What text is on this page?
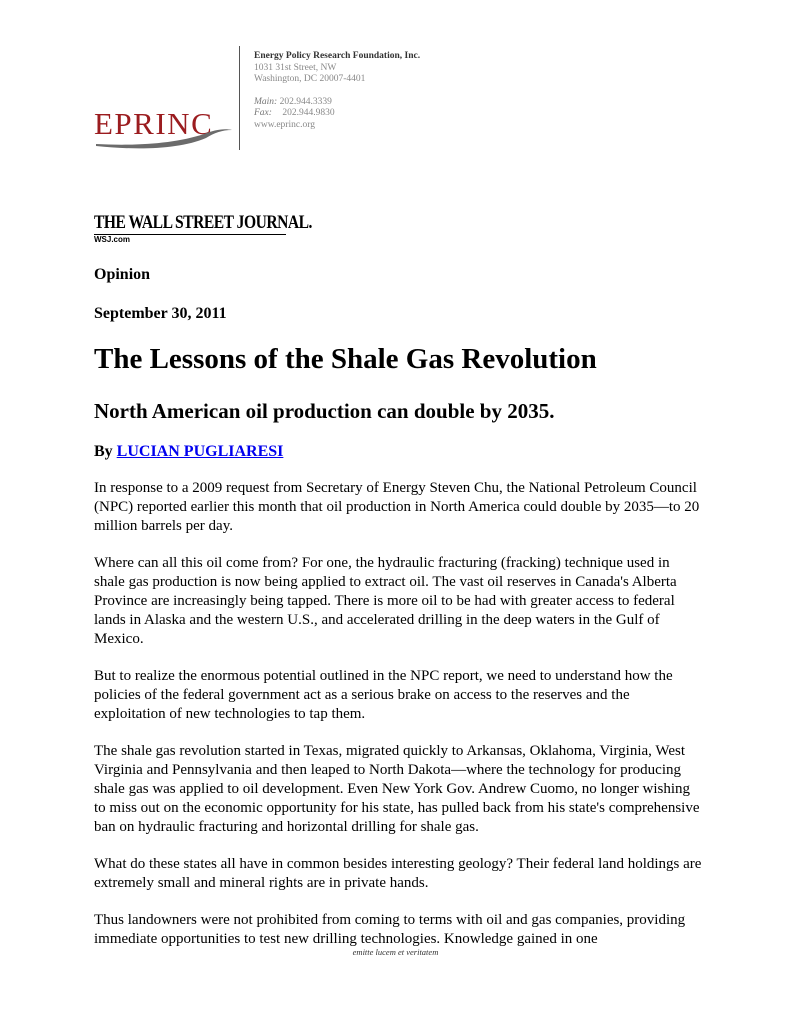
EPRINC
Energy Policy Research Foundation, Inc.
1031 31st Street, NW
Washington, DC 20007-4401
Main: 202.944.3339
Fax: 202.944.9830
www.eprinc.org
THE WALL STREET JOURNAL.
WSJ.com
Opinion
September 30, 2011
The Lessons of the Shale Gas Revolution
North American oil production can double by 2035.
By LUCIAN PUGLIARESI

In response to a 2009 request from Secretary of Energy Steven Chu, the National Petroleum Council (NPC) reported earlier this month that oil production in North America could double by 2035—to 20 million barrels per day.

Where can all this oil come from? For one, the hydraulic fracturing (fracking) technique used in shale gas production is now being applied to extract oil. The vast oil reserves in Canada's Alberta Province are increasingly being tapped. There is more oil to be had with greater access to federal lands in Alaska and the western U.S., and accelerated drilling in the deep waters in the Gulf of Mexico.

But to realize the enormous potential outlined in the NPC report, we need to understand how the policies of the federal government act as a serious brake on access to the reserves and the exploitation of new technologies to tap them.

The shale gas revolution started in Texas, migrated quickly to Arkansas, Oklahoma, Virginia, West Virginia and Pennsylvania and then leaped to North Dakota—where the technology for producing shale gas was applied to oil development. Even New York Gov. Andrew Cuomo, no longer wishing to miss out on the economic opportunity for his state, has pulled back from his state's comprehensive ban on hydraulic fracturing and horizontal drilling for shale gas.

What do these states all have in common besides interesting geology? Their federal land holdings are extremely small and mineral rights are in private hands.

Thus landowners were not prohibited from coming to terms with oil and gas companies, providing immediate opportunities to test new drilling technologies. Knowledge gained in one

emitte lucem et veritatem
